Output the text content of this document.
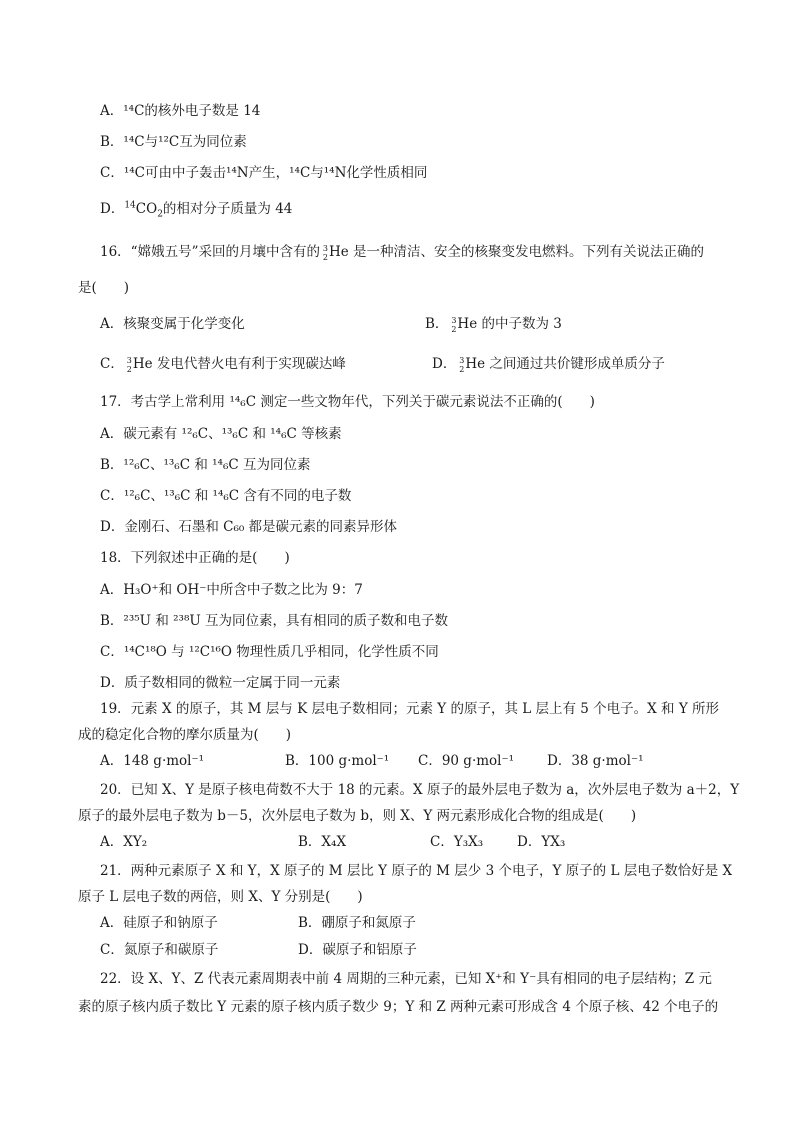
A．¹⁴C的核外电子数是 14
B．¹⁴C与¹²C互为同位素
C．¹⁴C可由中子轰击¹⁴N产生，¹⁴C与¹⁴N化学性质相同
D．$^{14}CO_2$的相对分子质量为 44
16．“嫦娥五号”采回的月壤中含有的 3
2 He 是一种清洁、安全的核聚变发电燃料。下列有关说法正确的
是(　　)
A．核聚变属于化学变化	B． 3
2 He 的中子数为 3
C． 3
2 He 发电代替火电有利于实现碳达峰	D． 3
2 He 之间通过共价键形成单质分子
17．考古学上常利用 ¹⁴₆C 测定一些文物年代，下列关于碳元素说法不正确的(　　)
A．碳元素有 ¹²₆C、¹³₆C 和 ¹⁴₆C 等核素
B．¹²₆C、¹³₆C 和 ¹⁴₆C 互为同位素
C．¹²₆C、¹³₆C 和 ¹⁴₆C 含有不同的电子数
D．金刚石、石墨和 C₆₀ 都是碳元素的同素异形体
18．下列叙述中正确的是(　　)
A．H₃O⁺和 OH⁻中所含中子数之比为 9：7
B．²³⁵U 和 ²³⁸U 互为同位素，具有相同的质子数和电子数
C．¹⁴C¹⁸O 与 ¹²C¹⁶O 物理性质几乎相同，化学性质不同
D．质子数相同的微粒一定属于同一元素
19．元素 X 的原子，其 M 层与 K 层电子数相同；元素 Y 的原子，其 L 层上有 5 个电子。X 和 Y 所形
成的稳定化合物的摩尔质量为(　　)
A．148 g·mol⁻¹	B．100 g·mol⁻¹ C．90 g·mol⁻¹ D．38 g·mol⁻¹
20．已知 X、Y 是原子核电荷数不大于 18 的元素。X 原子的最外层电子数为 a，次外层电子数为 a＋2，Y
原子的最外层电子数为 b－5，次外层电子数为 b，则 X、Y 两元素形成化合物的组成是(　　)
A．XY₂	B．X₄X	C．Y₃X₃	D．YX₃
21．两种元素原子 X 和 Y，X 原子的 M 层比 Y 原子的 M 层少 3 个电子，Y 原子的 L 层电子数恰好是 X
原子 L 层电子数的两倍，则 X、Y 分别是(　　)
A．硅原子和钠原子	B．硼原子和氮原子
C．氮原子和碳原子	D．碳原子和铝原子
22．设 X、Y、Z 代表元素周期表中前 4 周期的三种元素，已知 X⁺和 Y⁻具有相同的电子层结构；Z 元
素的原子核内质子数比 Y 元素的原子核内质子数少 9；Y 和 Z 两种元素可形成含 4 个原子核、42 个电子的
